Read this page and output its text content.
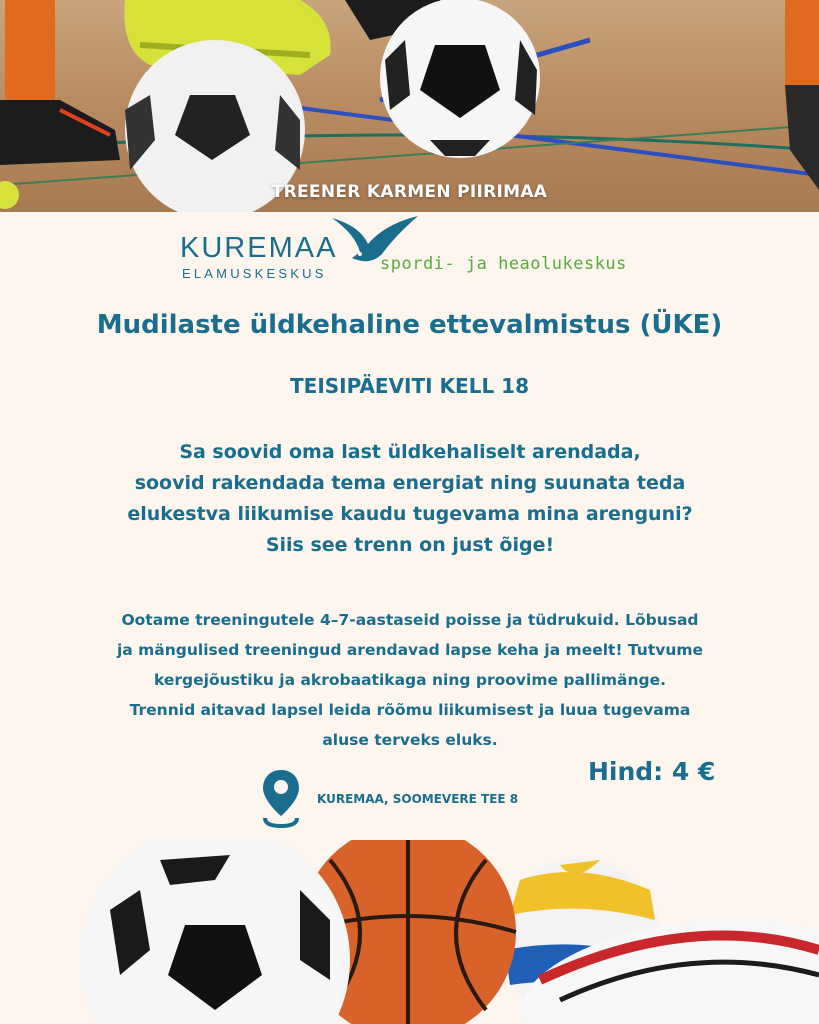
TREENER KARMEN PIIRIMAA
KUREMAA
ELAMUSKESKUS	spordi- ja heaolukeskus
Mudilaste üldkehaline ettevalmistus (ÜKE)
TEISIPÄEVITI KELL 18
Sa soovid oma last üldkehaliselt arendada,
soovid rakendada tema energiat ning suunata teda
elukestva liikumise kaudu tugevama mina arenguni?
Siis see trenn on just õige!
Ootame treeningutele 4–7-aastaseid poisse ja tüdrukuid. Lõbusad
ja mängulised treeningud arendavad lapse keha ja meelt! Tutvume
kergejõustiku ja akrobaatikaga ning proovime pallimänge.
Trennid aitavad lapsel leida rõõmu liikumisest ja luua tugevama
aluse terveks eluks.
Hind: 4 €
KUREMAA, SOOMEVERE TEE 8
